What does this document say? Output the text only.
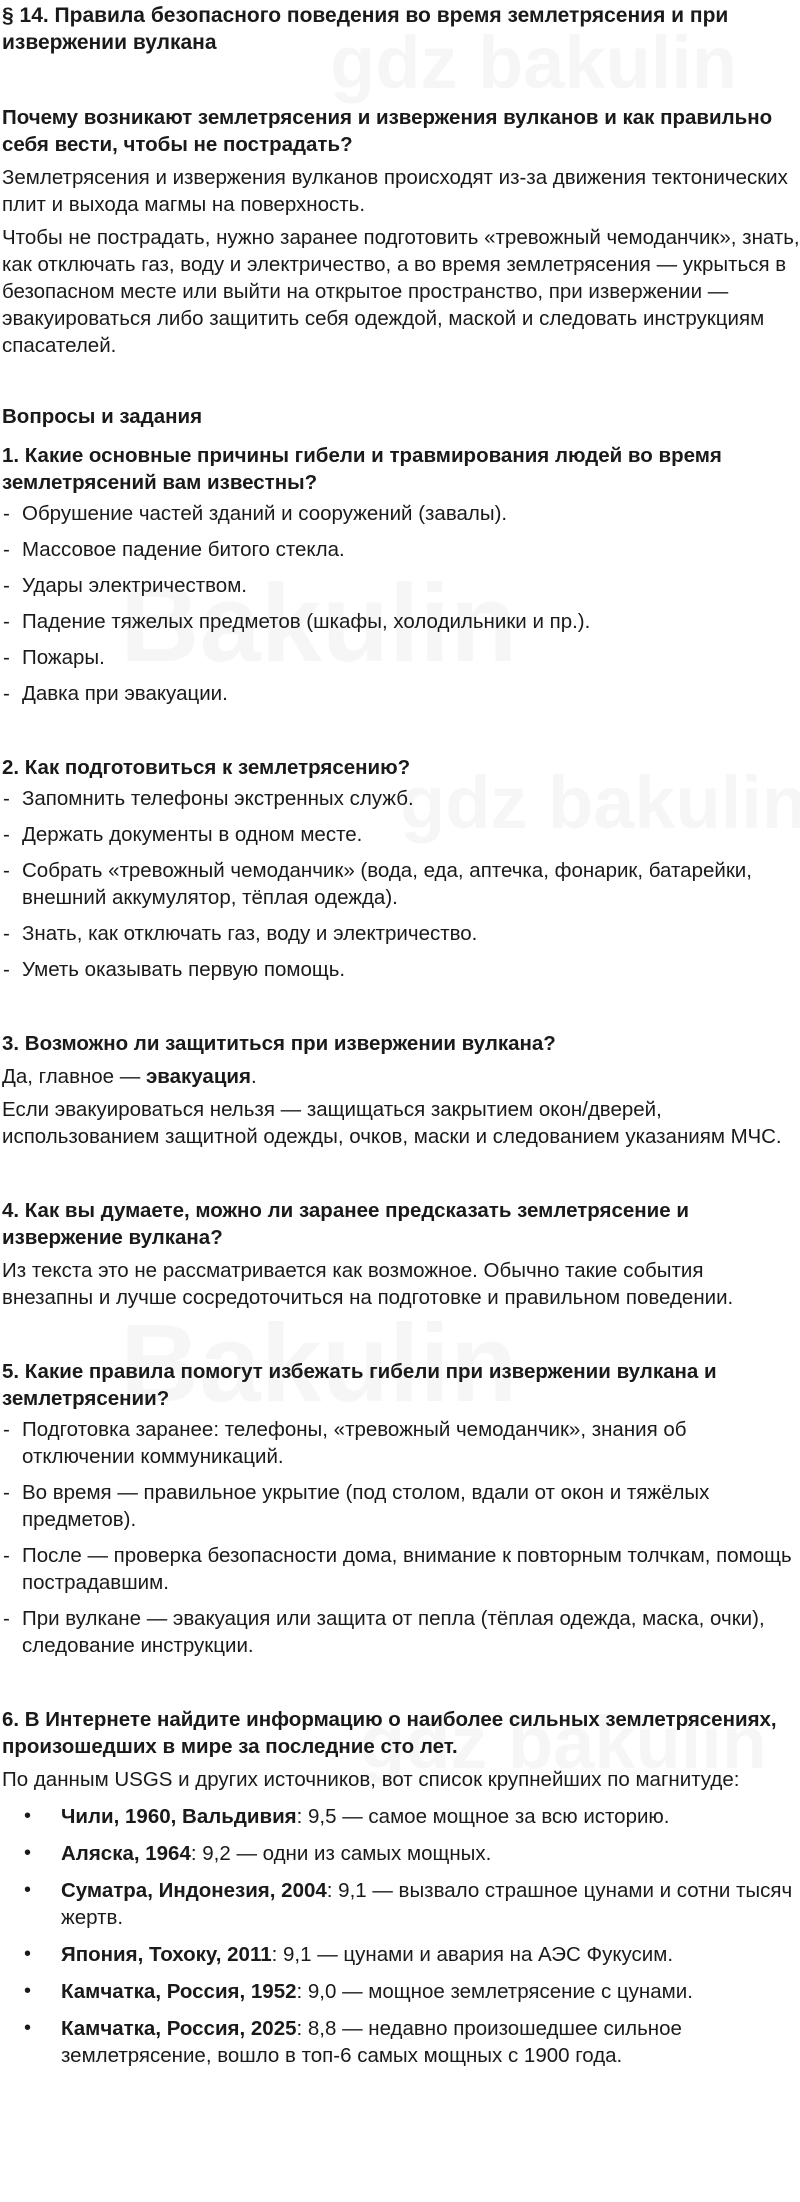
§ 14. Правила безопасного поведения во время землетрясения и при извержении вулкана
Почему возникают землетрясения и извержения вулканов и как правильно себя вести, чтобы не пострадать?

Землетрясения и извержения вулканов происходят из-за движения тектонических плит и выхода магмы на поверхность.

Чтобы не пострадать, нужно заранее подготовить «тревожный чемоданчик», знать, как отключать газ, воду и электричество, а во время землетрясения — укрыться в безопасном месте или выйти на открытое пространство, при извержении — эвакуироваться либо защитить себя одеждой, маской и следовать инструкциям спасателей.

Вопросы и задания
1. Какие основные причины гибели и травмирования людей во время землетрясений вам известны?
- Обрушение частей зданий и сооружений (завалы).
- Массовое падение битого стекла.
- Удары электричеством.
- Падение тяжелых предметов (шкафы, холодильники и пр.).
- Пожары.
- Давка при эвакуации.
2. Как подготовиться к землетрясению?
- Запомнить телефоны экстренных служб.
- Держать документы в одном месте.
- Собрать «тревожный чемоданчик» (вода, еда, аптечка, фонарик, батарейки, внешний аккумулятор, тёплая одежда).
- Знать, как отключать газ, воду и электричество.
- Уметь оказывать первую помощь.
3. Возможно ли защититься при извержении вулкана?

Да, главное — эвакуация.

Если эвакуироваться нельзя — защищаться закрытием окон/дверей, использованием защитной одежды, очков, маски и следованием указаниям МЧС.

4. Как вы думаете, можно ли заранее предсказать землетрясение и извержение вулкана?

Из текста это не рассматривается как возможное. Обычно такие события внезапны и лучше сосредоточиться на подготовке и правильном поведении.

5. Какие правила помогут избежать гибели при извержении вулкана и землетрясении?
- Подготовка заранее: телефоны, «тревожный чемоданчик», знания об отключении коммуникаций.
- Во время — правильное укрытие (под столом, вдали от окон и тяжёлых предметов).
- После — проверка безопасности дома, внимание к повторным толчкам, помощь пострадавшим.
- При вулкане — эвакуация или защита от пепла (тёплая одежда, маска, очки), следование инструкции.
6. В Интернете найдите информацию о наиболее сильных землетрясениях, произошедших в мире за последние сто лет.

По данным USGS и других источников, вот список крупнейших по магнитуде:

• Чили, 1960, Вальдивия: 9,5 — самое мощное за всю историю.
• Аляска, 1964: 9,2 — одни из самых мощных.
• Суматра, Индонезия, 2004: 9,1 — вызвало страшное цунами и сотни тысяч жертв.
• Япония, Тохоку, 2011: 9,1 — цунами и авария на АЭС Фукусим.
• Камчатка, Россия, 1952: 9,0 — мощное землетрясение с цунами.
• Камчатка, Россия, 2025: 8,8 — недавно произошедшее сильное землетрясение, вошло в топ-6 самых мощных с 1900 года.
